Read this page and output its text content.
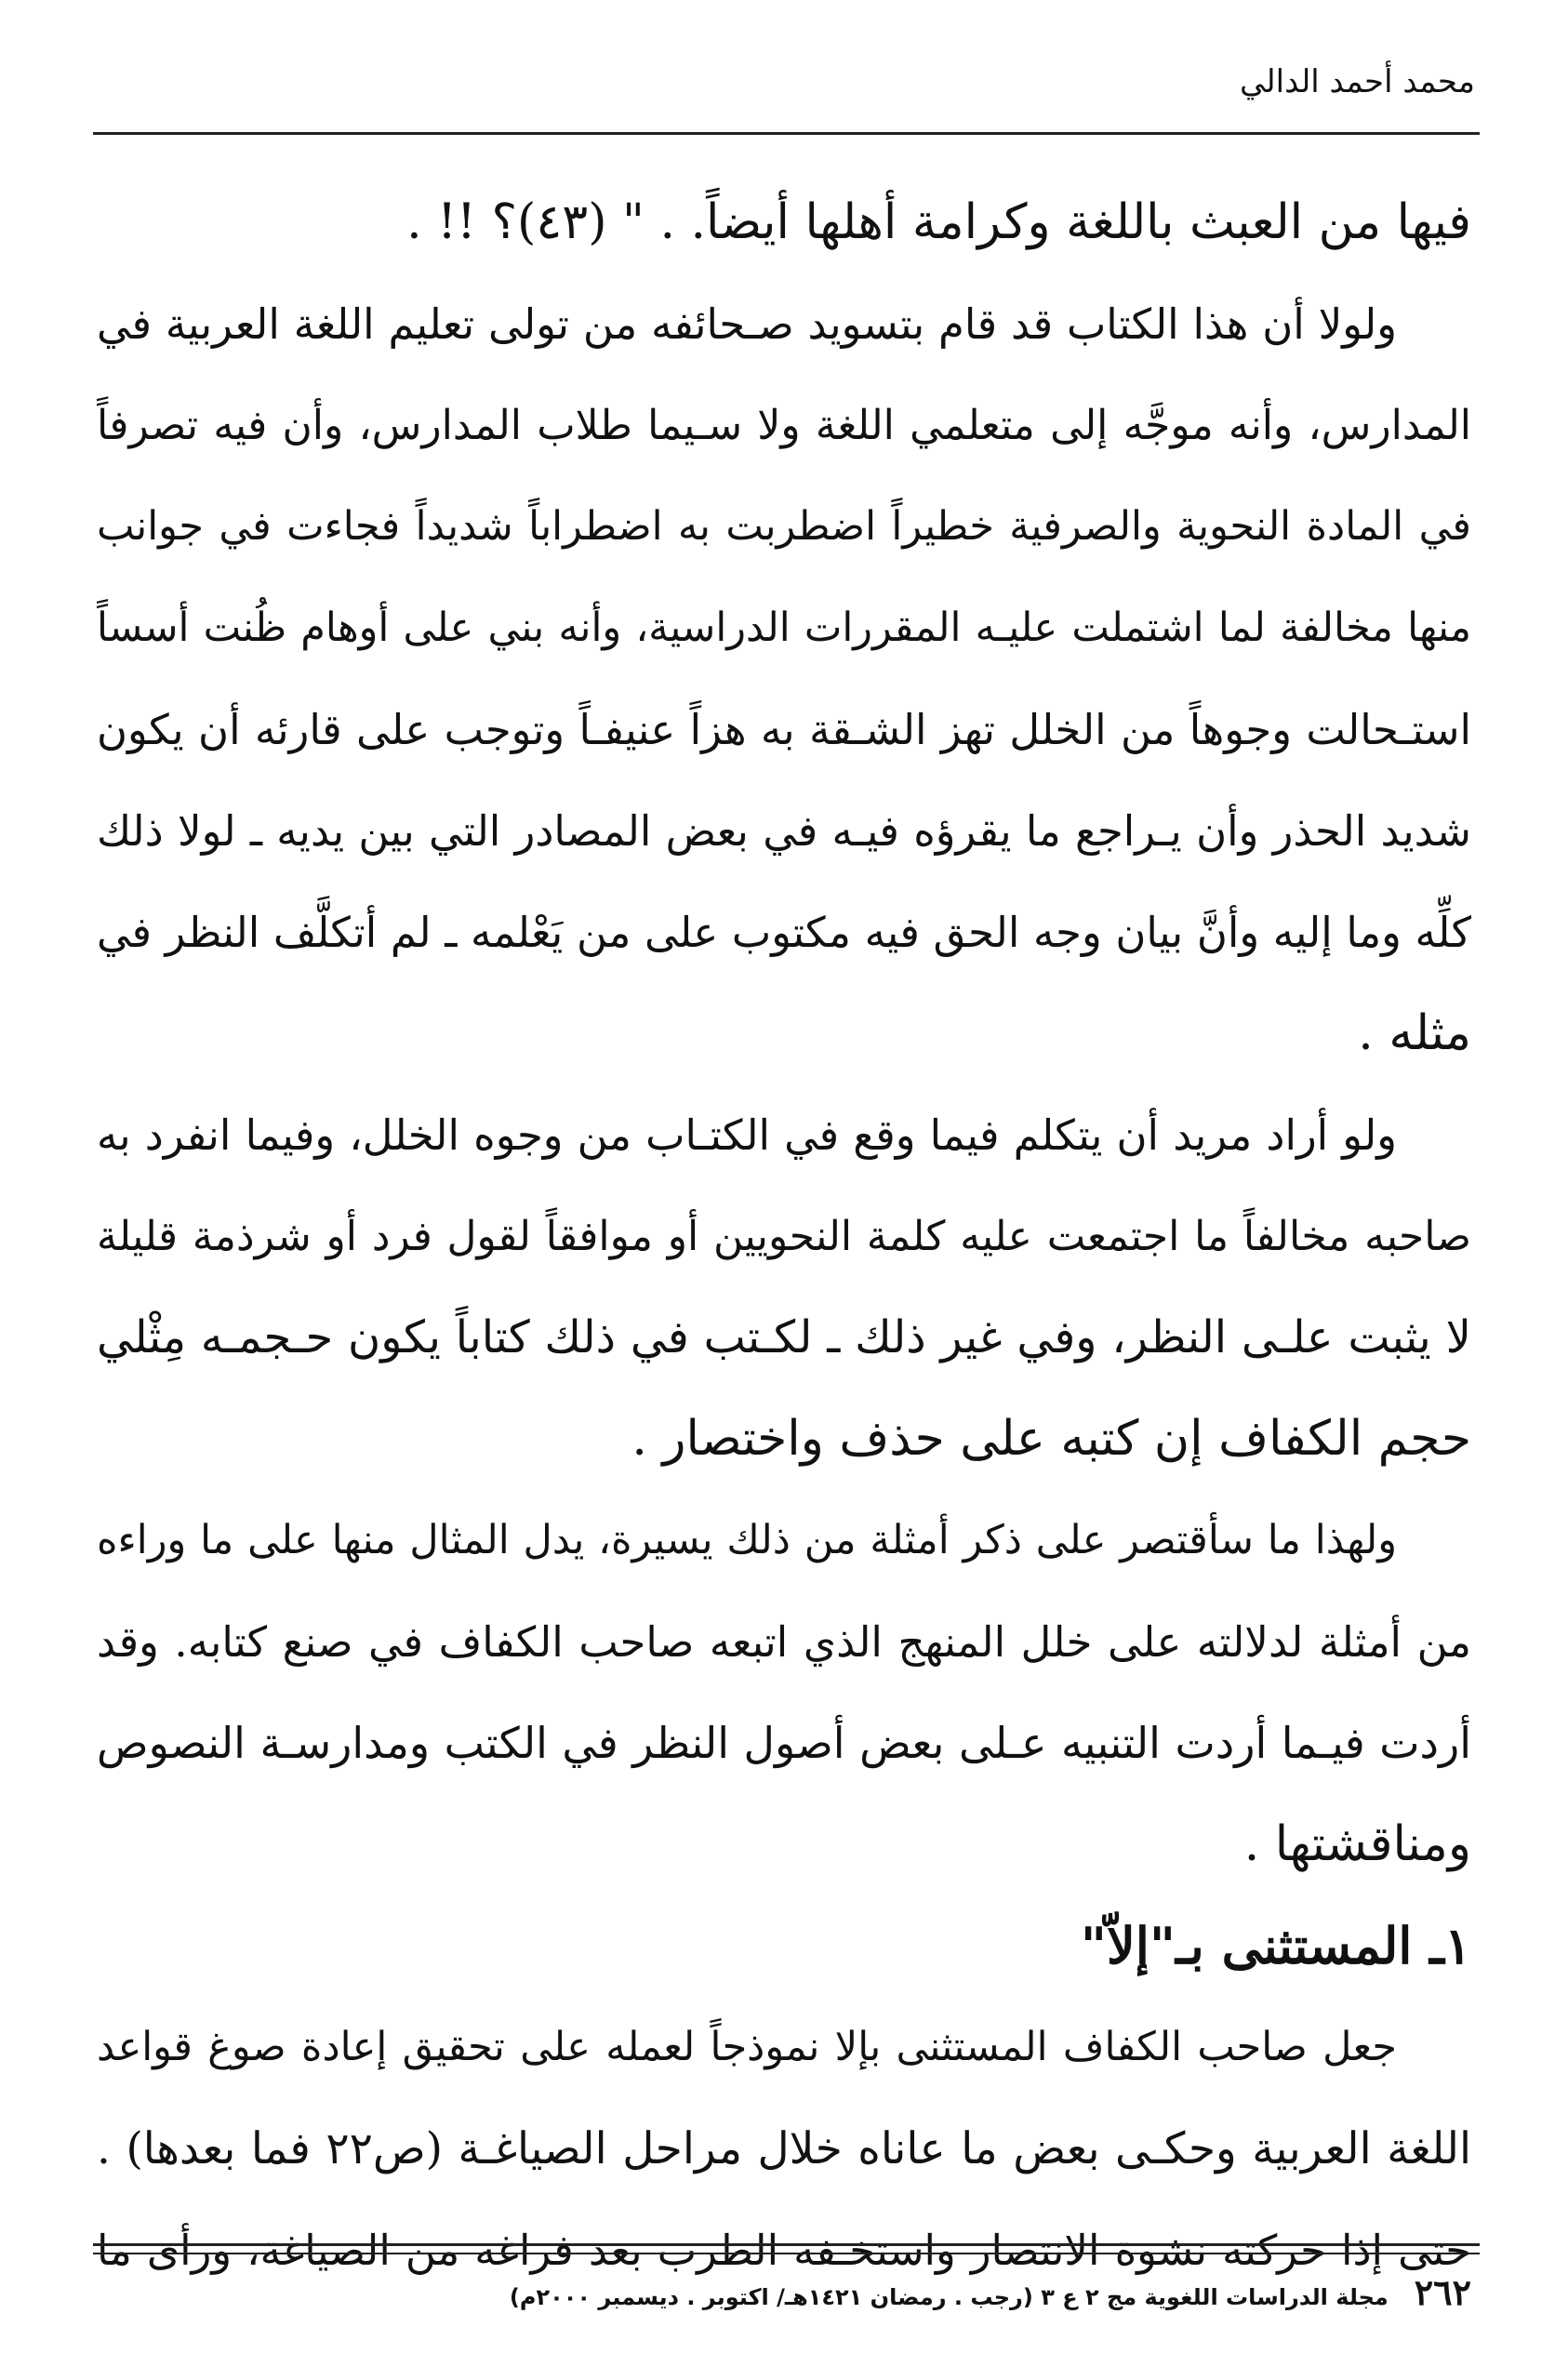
محمد أحمد الدالي
فيها من العبث باللغة وكرامة أهلها أيضاً. . " (٤٣)؟ !! .
ولولا أن هذا الكتاب قد قام بتسويد صـحائفه من تولى تعليم اللغة العربية في
المدارس، وأنه موجَّه إلى متعلمي اللغة ولا سـيما طلاب المدارس، وأن فيه تصرفاً
في المادة النحوية والصرفية خطيراً اضطربت به اضطراباً شديداً فجاءت في جوانب
منها مخالفة لما اشتملت عليـه المقررات الدراسية، وأنه بني على أوهام ظُنت أسساً
استـحالت وجوهاً من الخلل تهز الشـقة به هزاً عنيفـاً وتوجب على قارئه أن يكون
شديد الحذر وأن يـراجع ما يقرؤه فيـه في بعض المصادر التي بين يديه ـ لولا ذلك
كلِّه وما إليه وأنَّ بيان وجه الحق فيه مكتوب على من يَعْلمه ـ لم أتكلَّف النظر في
مثله .
ولو أراد مريد أن يتكلم فيما وقع في الكتـاب من وجوه الخلل، وفيما انفرد به
صاحبه مخالفاً ما اجتمعت عليه كلمة النحويين أو موافقاً لقول فرد أو شرذمة قليلة
لا يثبت علـى النظر، وفي غير ذلك ـ لكـتب في ذلك كتاباً يكون حـجمـه مِثْلي
حجم الكفاف إن كتبه على حذف واختصار .
ولهذا ما سأقتصر على ذكر أمثلة من ذلك يسيرة، يدل المثال منها على ما وراءه
من أمثلة لدلالته على خلل المنهج الذي اتبعه صاحب الكفاف في صنع كتابه. وقد
أردت فيـما أردت التنبيه عـلى بعض أصول النظر في الكتب ومدارسـة النصوص
ومناقشتها .
١ـ المستثنى بـ"إلاّ"
جعل صاحب الكفاف المستثنى بإلا نموذجاً لعمله على تحقيق إعادة صوغ قواعد
اللغة العربية وحكـى بعض ما عاناه خلال مراحل الصياغـة (ص٢٢ فما بعدها) .
حتى إذا حركته نشوة الانتصار واستخـفه الطرب بعد فراغه من الصياغة، ورأى ما
٢٦٢
مجلة الدراسات اللغوية مج ٢ ع ٣ (رجب . رمضان ١٤٢١هـ/ اكتوبر . ديسمبر ٢٠٠٠م)
